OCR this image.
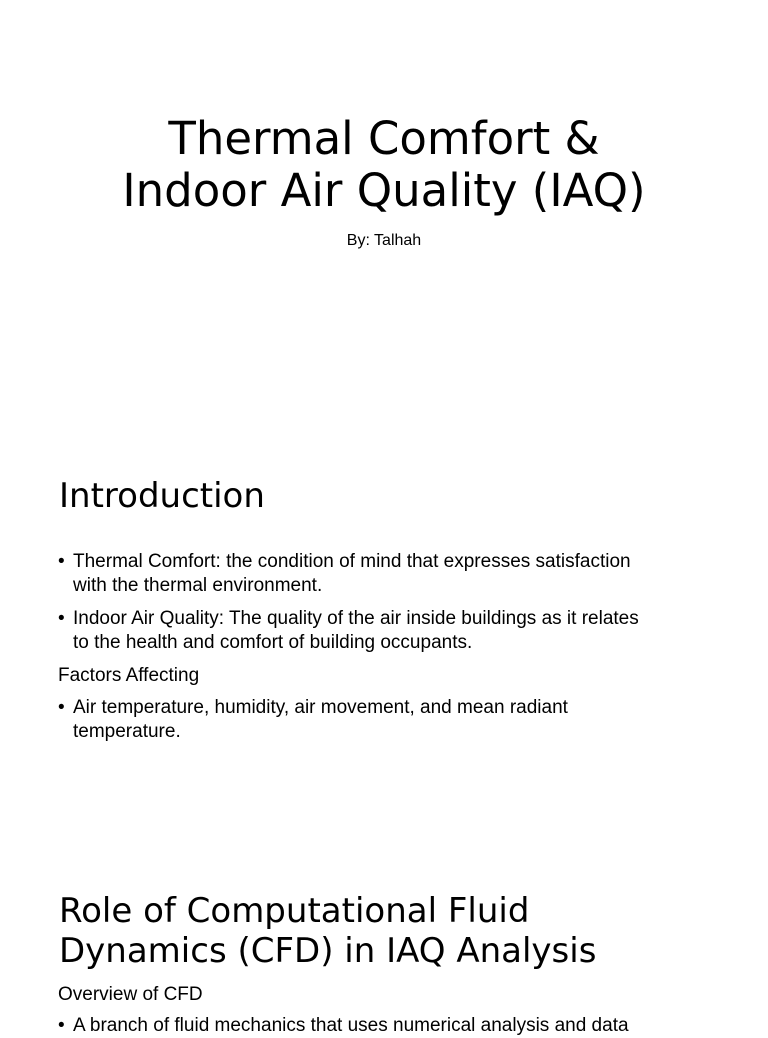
Thermal Comfort &
Indoor Air Quality (IAQ)
By: Talhah
Introduction
• Thermal Comfort: the condition of mind that expresses satisfaction
with the thermal environment.
• Indoor Air Quality: The quality of the air inside buildings as it relates
to the health and comfort of building occupants.
Factors Affecting
• Air temperature, humidity, air movement, and mean radiant
temperature.
Role of Computational Fluid
Dynamics (CFD) in IAQ Analysis
Overview of CFD
• A branch of fluid mechanics that uses numerical analysis and data
